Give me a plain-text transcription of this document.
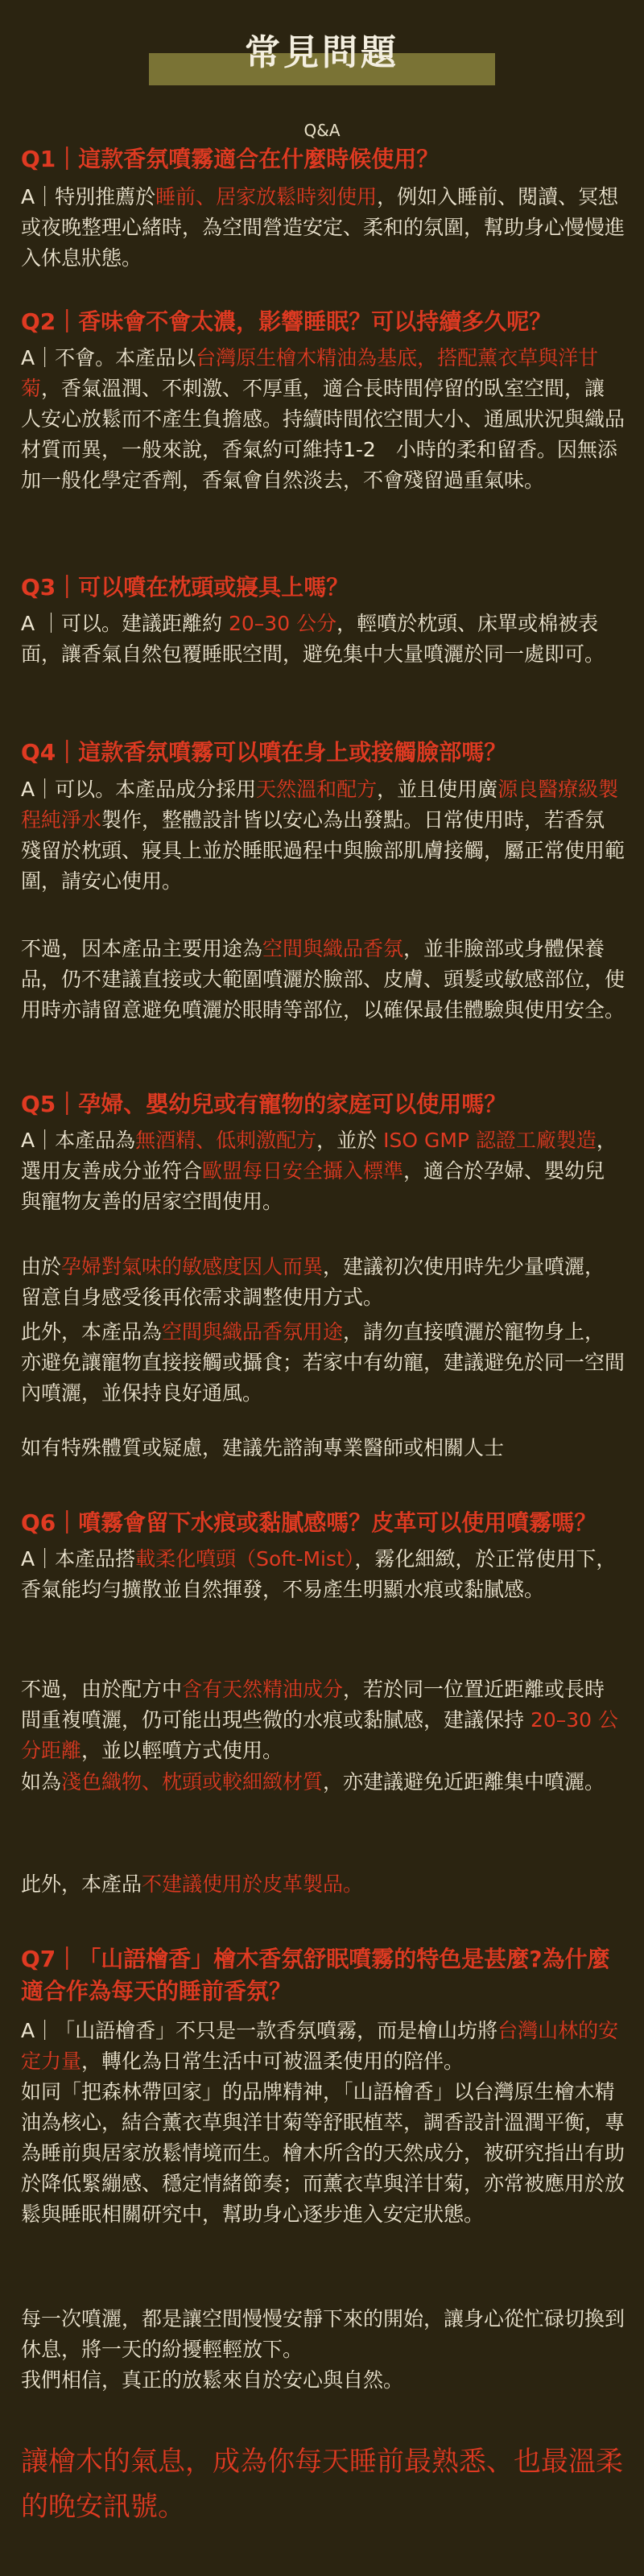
常見問題
Q&A
Q1｜這款香氛噴霧適合在什麼時候使用？

A｜特別推薦於睡前、居家放鬆時刻使用，例如入睡前、閱讀、冥想或夜晚整理心緒時，為空間營造安定、柔和的氛圍，幫助身心慢慢進入休息狀態。

Q2｜香味會不會太濃，影響睡眠？可以持續多久呢？

A｜不會。本產品以台灣原生檜木精油為基底，搭配薰衣草與洋甘菊，香氣溫潤、不刺激、不厚重，適合長時間停留的臥室空間，讓人安心放鬆而不產生負擔感。持續時間依空間大小、通風狀況與織品材質而異，一般來說，香氣約可維持1-2　小時的柔和留香。因無添加一般化學定香劑，香氣會自然淡去，不會殘留過重氣味。

Q3｜可以噴在枕頭或寢具上嗎？

A ｜可以。建議距離約 20–30 公分，輕噴於枕頭、床單或棉被表面，讓香氣自然包覆睡眠空間，避免集中大量噴灑於同一處即可。

Q4｜這款香氛噴霧可以噴在身上或接觸臉部嗎？

A｜可以。本產品成分採用天然溫和配方，並且使用廣源良醫療級製程純淨水製作，整體設計皆以安心為出發點。日常使用時，若香氛殘留於枕頭、寢具上並於睡眠過程中與臉部肌膚接觸，屬正常使用範圍，請安心使用。

不過，因本產品主要用途為空間與織品香氛，並非臉部或身體保養品，仍不建議直接或大範圍噴灑於臉部、皮膚、頭髮或敏感部位，使用時亦請留意避免噴灑於眼睛等部位，以確保最佳體驗與使用安全。

Q5｜孕婦、嬰幼兒或有寵物的家庭可以使用嗎？

A｜本產品為無酒精、低刺激配方，並於 ISO GMP 認證工廠製造，選用友善成分並符合歐盟每日安全攝入標準，適合於孕婦、嬰幼兒與寵物友善的居家空間使用。

由於孕婦對氣味的敏感度因人而異，建議初次使用時先少量噴灑，留意自身感受後再依需求調整使用方式。

此外，本產品為空間與織品香氛用途，請勿直接噴灑於寵物身上，亦避免讓寵物直接接觸或攝食；若家中有幼寵，建議避免於同一空間內噴灑，並保持良好通風。

如有特殊體質或疑慮，建議先諮詢專業醫師或相關人士

Q6｜噴霧會留下水痕或黏膩感嗎？皮革可以使用噴霧嗎？

A｜本產品搭載柔化噴頭（Soft-Mist），霧化細緻，於正常使用下，香氣能均勻擴散並自然揮發，不易產生明顯水痕或黏膩感。

不過，由於配方中含有天然精油成分，若於同一位置近距離或長時間重複噴灑，仍可能出現些微的水痕或黏膩感，建議保持 20–30 公分距離，並以輕噴方式使用。

如為淺色織物、枕頭或較細緻材質，亦建議避免近距離集中噴灑。

此外，本產品不建議使用於皮革製品。

Q7｜「山語檜香」檜木香氛舒眠噴霧的特色是甚麼?為什麼適合作為每天的睡前香氛？

A｜「山語檜香」不只是一款香氛噴霧，而是檜山坊將台灣山林的安定力量，轉化為日常生活中可被溫柔使用的陪伴。

如同「把森林帶回家」的品牌精神，「山語檜香」以台灣原生檜木精油為核心，結合薰衣草與洋甘菊等舒眠植萃，調香設計溫潤平衡，專為睡前與居家放鬆情境而生。檜木所含的天然成分，被研究指出有助於降低緊繃感、穩定情緒節奏；而薰衣草與洋甘菊，亦常被應用於放鬆與睡眠相關研究中，幫助身心逐步進入安定狀態。

每一次噴灑，都是讓空間慢慢安靜下來的開始，讓身心從忙碌切換到休息，將一天的紛擾輕輕放下。

我們相信，真正的放鬆來自於安心與自然。

讓檜木的氣息，成為你每天睡前最熟悉、也最溫柔的晚安訊號。
